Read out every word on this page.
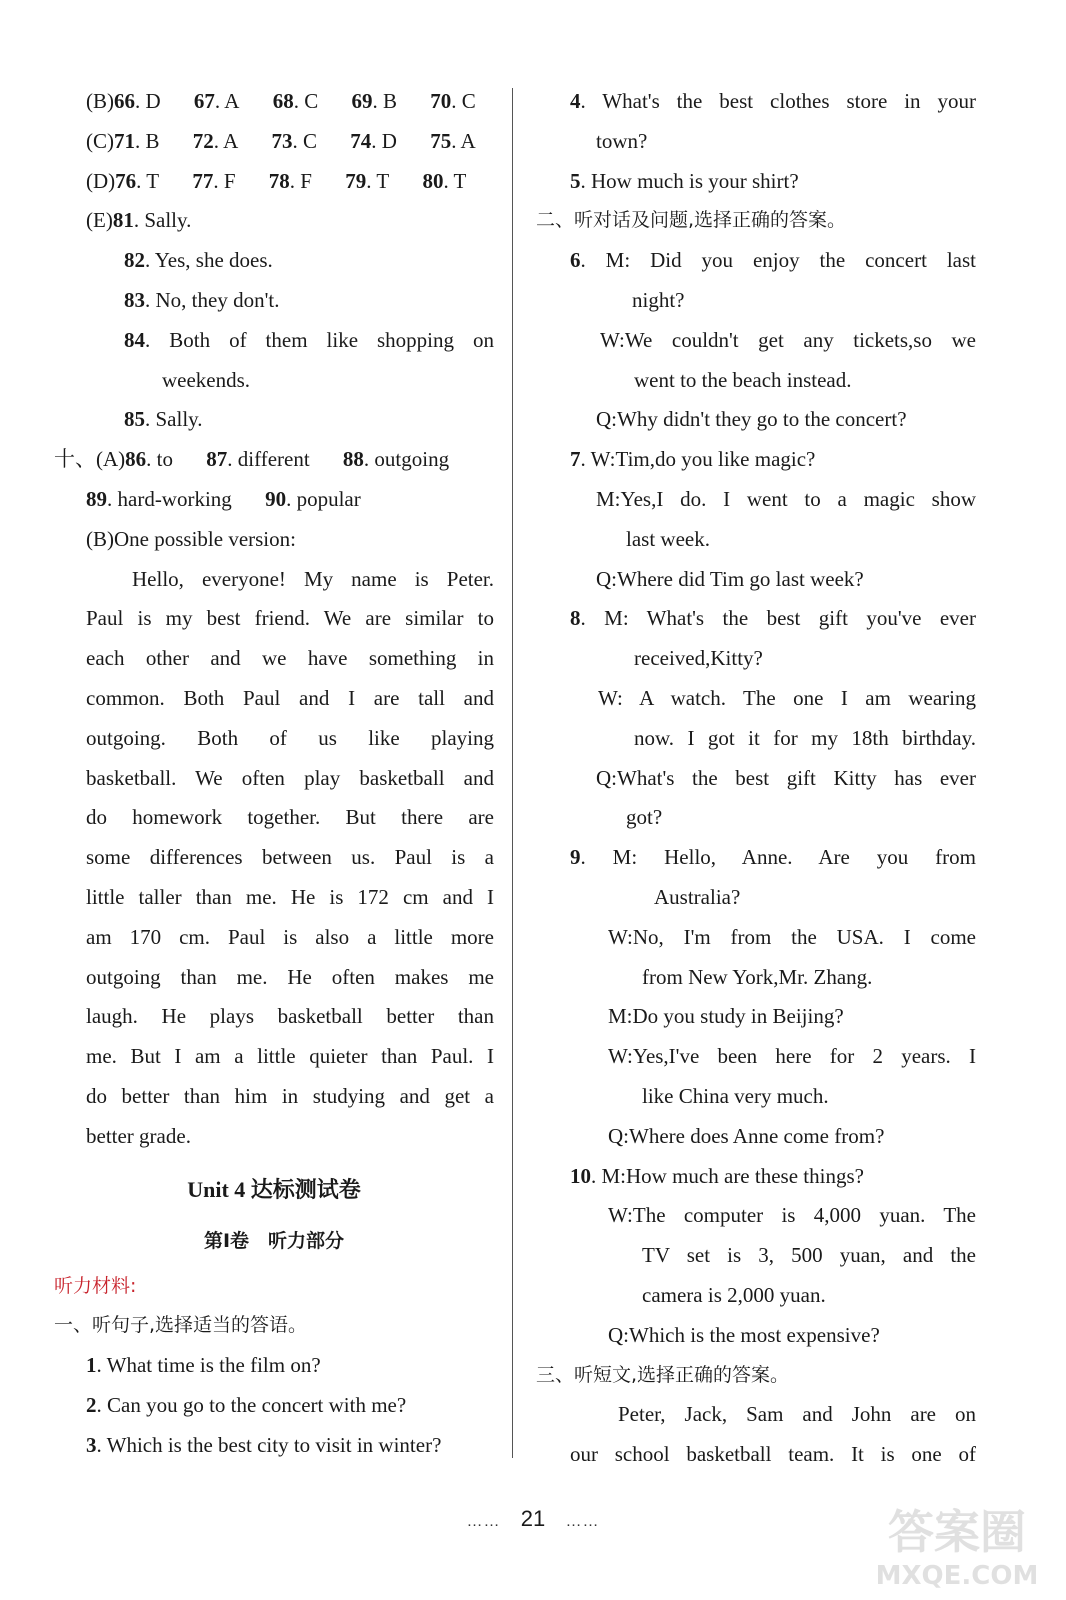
(B)66. D 67. A 68. C 69. B 70. C
(C)71. B 72. A 73. C 74. D 75. A
(D)76. T 77. F 78. F 79. T 80. T
(E)81. Sally.
82. Yes, she does.
83. No, they don't.
84. Both of them like shopping on
weekends.
85. Sally.
十、(A)86. to 87. different 88. outgoing
89. hard-working 90. popular
(B)One possible version:
Hello, everyone! My name is Peter.
Paul is my best friend. We are similar to
each other and we have something in
common. Both Paul and I are tall and
outgoing. Both of us like playing
basketball. We often play basketball and
do homework together. But there are
some differences between us. Paul is a
little taller than me. He is 172 cm and I
am 170 cm. Paul is also a little more
outgoing than me. He often makes me
laugh. He plays basketball better than
me. But I am a little quieter than Paul. I
do better than him in studying and get a
better grade.
Unit 4 达标测试卷
第Ⅰ卷　听力部分
听力材料:
一、听句子,选择适当的答语。
1. What time is the film on?
2. Can you go to the concert with me?
3. Which is the best city to visit in winter?
4. What's the best clothes store in your
town?
5. How much is your shirt?
二、听对话及问题,选择正确的答案。
6. M: Did you enjoy the concert last
night?
W:We couldn't get any tickets,so we
went to the beach instead.
Q:Why didn't they go to the concert?
7. W:Tim,do you like magic?
M:Yes,I do. I went to a magic show
last week.
Q:Where did Tim go last week?
8. M: What's the best gift you've ever
received,Kitty?
W: A watch. The one I am wearing
now. I got it for my 18th birthday.
Q:What's the best gift Kitty has ever
got?
9. M: Hello, Anne. Are you from
Australia?
W:No, I'm from the USA. I come
from New York,Mr. Zhang.
M:Do you study in Beijing?
W:Yes,I've been here for 2 years. I
like China very much.
Q:Where does Anne come from?
10. M:How much are these things?
W:The computer is 4,000 yuan. The
TV set is 3, 500 yuan, and the
camera is 2,000 yuan.
Q:Which is the most expensive?
三、听短文,选择正确的答案。
Peter, Jack, Sam and John are on
our school basketball team. It is one of
…… 21 ……	答案圈
MXQE.COM
